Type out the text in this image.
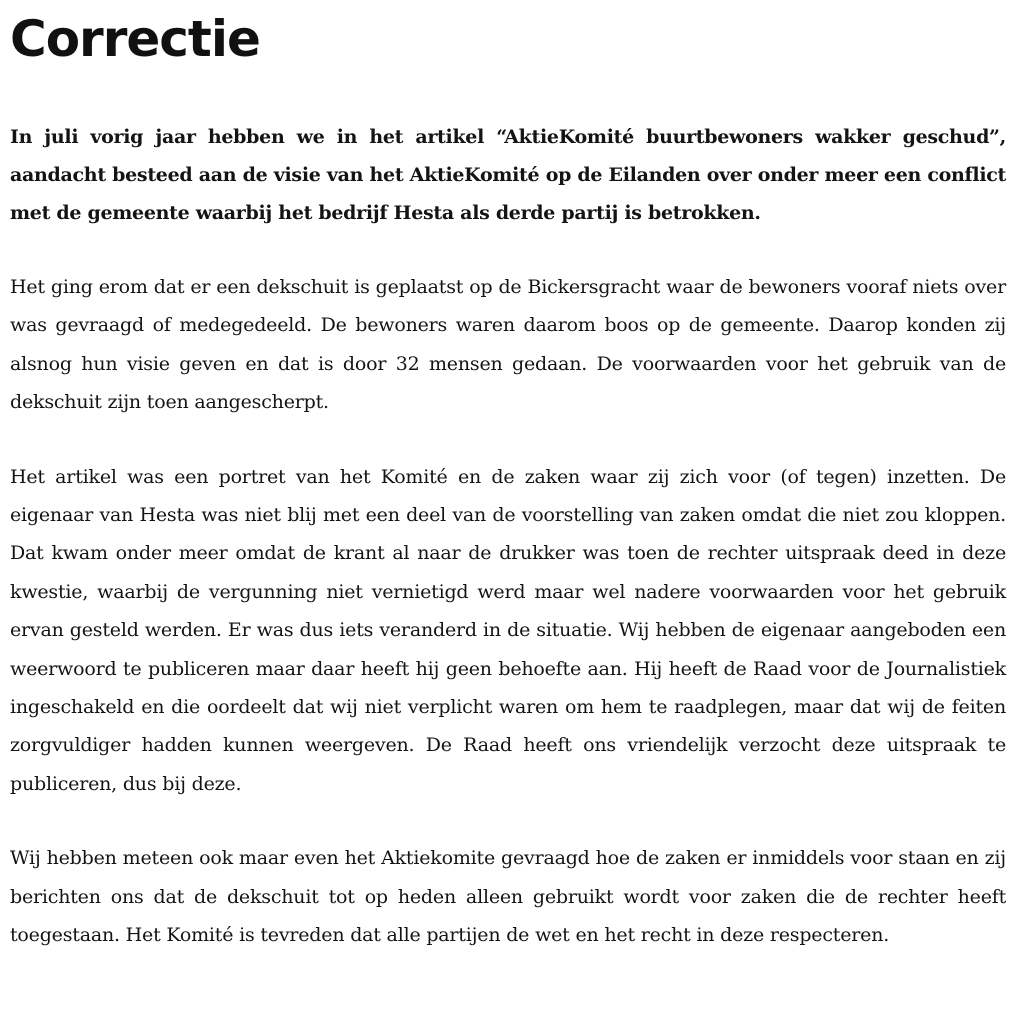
Correctie

In juli vorig jaar hebben we in het artikel “AktieKomité buurtbewoners wakker geschud”, aandacht besteed aan de visie van het AktieKomité op de Eilanden over onder meer een conflict met de gemeente waarbij het bedrijf Hesta als derde partij is betrokken.

Het ging erom dat er een dekschuit is geplaatst op de Bickersgracht waar de bewoners vooraf niets over was gevraagd of medegedeeld. De bewoners waren daarom boos op de gemeente. Daarop konden zij alsnog hun visie geven en dat is door 32 mensen gedaan. De voorwaarden voor het gebruik van de dekschuit zijn toen aangescherpt.

Het artikel was een portret van het Komité en de zaken waar zij zich voor (of tegen) inzetten. De eigenaar van Hesta was niet blij met een deel van de voorstelling van zaken omdat die niet zou kloppen. Dat kwam onder meer omdat de krant al naar de drukker was toen de rechter uitspraak deed in deze kwestie, waarbij de vergunning niet vernietigd werd maar wel nadere voorwaarden voor het gebruik ervan gesteld werden. Er was dus iets veranderd in de situatie. Wij hebben de eigenaar aangeboden een weerwoord te publiceren maar daar heeft hij geen behoefte aan. Hij heeft de Raad voor de Journalistiek ingeschakeld en die oordeelt dat wij niet verplicht waren om hem te raadplegen, maar dat wij de feiten zorgvuldiger hadden kunnen weergeven. De Raad heeft ons vriendelijk verzocht deze uitspraak te publiceren, dus bij deze.

Wij hebben meteen ook maar even het Aktiekomite gevraagd hoe de zaken er inmiddels voor staan en zij berichten ons dat de dekschuit tot op heden alleen gebruikt wordt voor zaken die de rechter heeft toegestaan. Het Komité is tevreden dat alle partijen de wet en het recht in deze respecteren.
